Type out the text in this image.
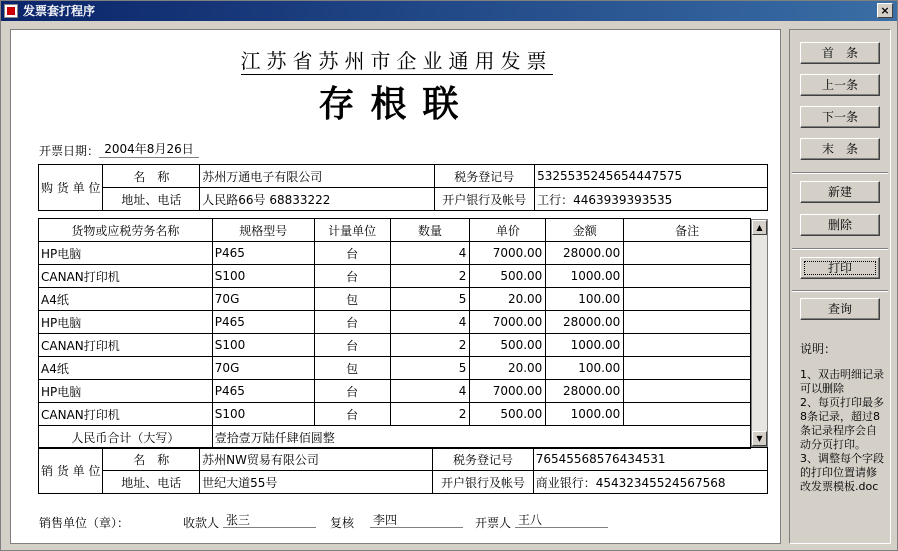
发票套打程序	×
江苏省苏州市企业通用发票
存根联
开票日期： 2004年8月26日
购 货 单 位	名　称	苏州万通电子有限公司	税务登记号	5325535245654447575
	地址、电话	人民路66号 68833222	开户银行及帐号	工行：4463939393535
货物或应税劳务名称	规格型号	计量单位	数量	单价	金额	备注
HP电脑	P465	台	4	7000.00	28000.00	
CANAN打印机	S100	台	2	500.00	1000.00	
A4纸	70G	包	5	20.00	100.00	
HP电脑	P465	台	4	7000.00	28000.00	
CANAN打印机	S100	台	2	500.00	1000.00	
A4纸	70G	包	5	20.00	100.00	
HP电脑	P465	台	4	7000.00	28000.00	
CANAN打印机	S100	台	2	500.00	1000.00	
人民币合计（大写）	壹拾壹万陆仟肆佰圆整					
▲
▼
销 货 单 位	名　称	苏州NW贸易有限公司	税务登记号	76545568576434531
	地址、电话	世纪大道55号	开户银行及帐号	商业银行：45432345524567568
销售单位（章）：	收款人 张三	复核 李四	开票人 王八
首　条
上一条
下一条
末　条
新建
删除
打印
查询
说明：
1、双击明细记录可以删除
2、每页打印最多8条记录，超过8条记录程序会自动分页打印。
3、调整每个字段的打印位置请修改发票模板.doc
